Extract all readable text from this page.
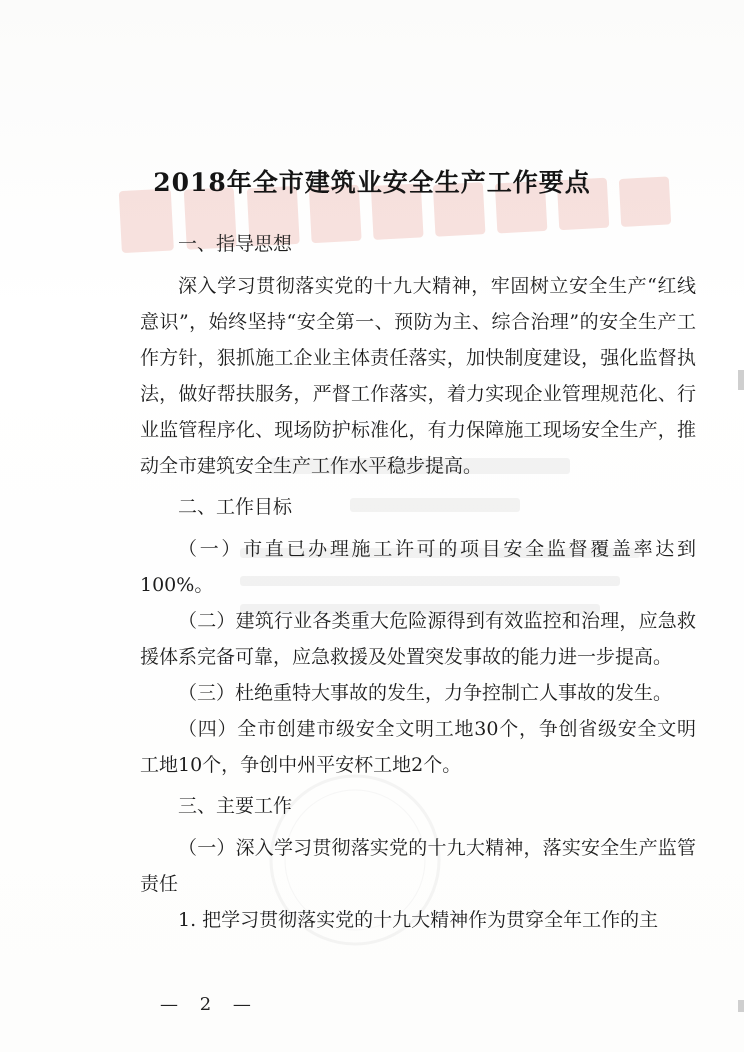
2018年全市建筑业安全生产工作要点

一、指导思想

深入学习贯彻落实党的十九大精神，牢固树立安全生产“红线意识”，始终坚持“安全第一、预防为主、综合治理”的安全生产工作方针，狠抓施工企业主体责任落实，加快制度建设，强化监督执法，做好帮扶服务，严督工作落实，着力实现企业管理规范化、行业监管程序化、现场防护标准化，有力保障施工现场安全生产，推动全市建筑安全生产工作水平稳步提高。

二、工作目标

（一）市直已办理施工许可的项目安全监督覆盖率达到100%。

（二）建筑行业各类重大危险源得到有效监控和治理，应急救援体系完备可靠，应急救援及处置突发事故的能力进一步提高。

（三）杜绝重特大事故的发生，力争控制亡人事故的发生。

（四）全市创建市级安全文明工地30个，争创省级安全文明工地10个，争创中州平安杯工地2个。

三、主要工作

（一）深入学习贯彻落实党的十九大精神，落实安全生产监管责任

1. 把学习贯彻落实党的十九大精神作为贯穿全年工作的主

— 2 —
